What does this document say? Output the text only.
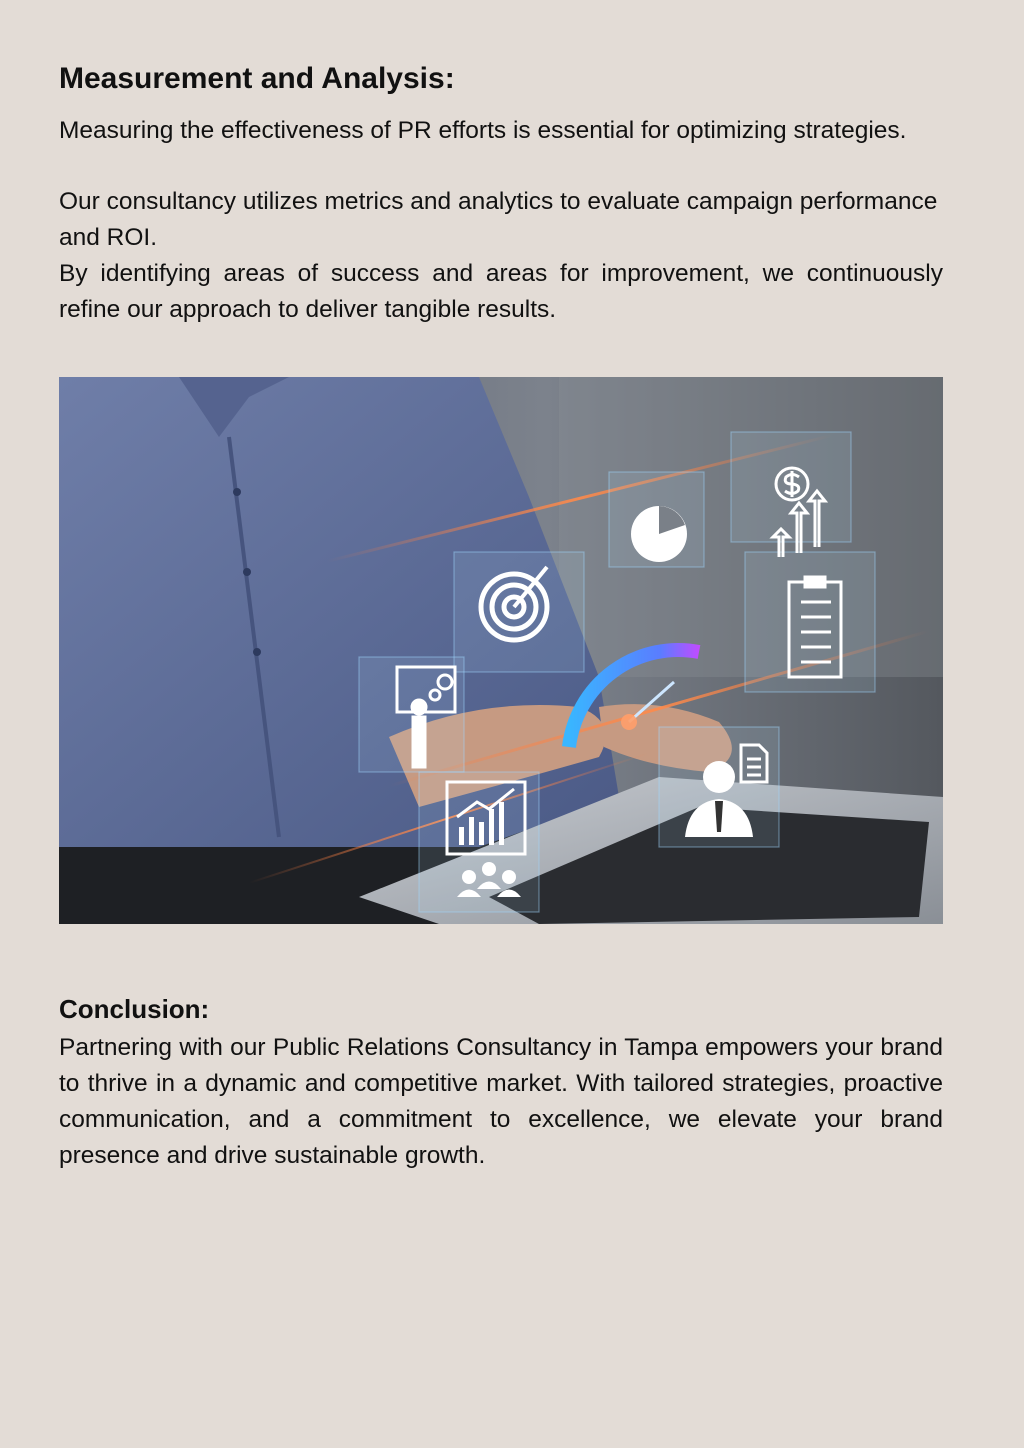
Measurement and Analysis:

Measuring the effectiveness of PR efforts is essential for optimizing strategies.

Our consultancy utilizes metrics and analytics to evaluate campaign performance and ROI.

By identifying areas of success and areas for improvement, we continuously refine our approach to deliver tangible results.

Conclusion:

Partnering with our Public Relations Consultancy in Tampa empowers your brand to thrive in a dynamic and competitive market. With tailored strategies, proactive communication, and a commitment to excellence, we elevate your brand presence and drive sustainable growth.
